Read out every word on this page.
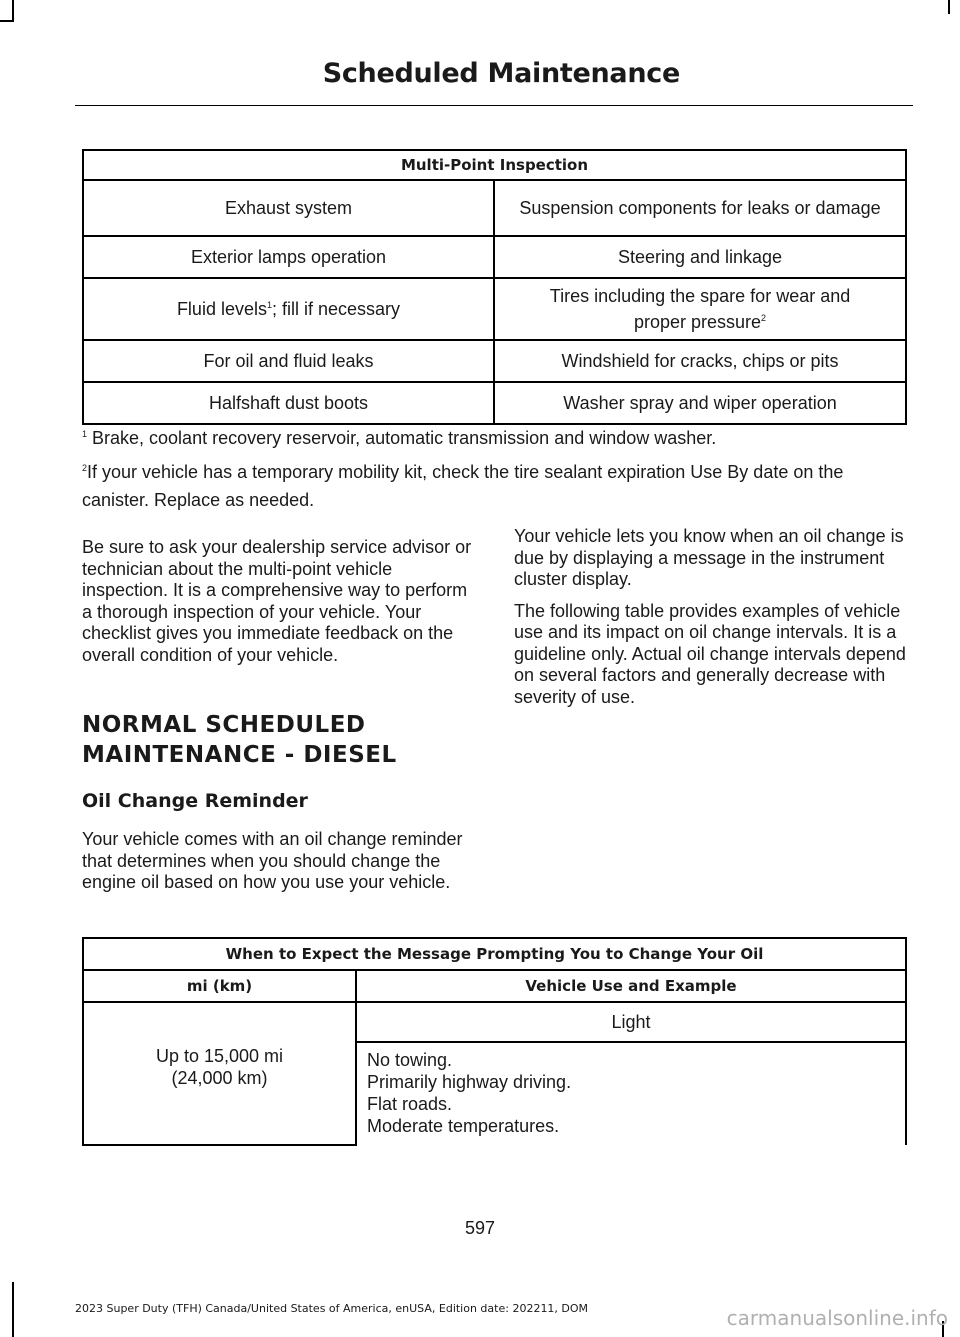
Scheduled Maintenance
Multi-Point Inspection	
Exhaust system	Suspension components for leaks or damage
Exterior lamps operation	Steering and linkage
Fluid levels$^1$; fill if necessary	Tires including the spare for wear and
proper pressure$^2$
For oil and fluid leaks	Windshield for cracks, chips or pits
Halfshaft dust boots	Washer spray and wiper operation
$^1$ Brake, coolant recovery reservoir, automatic transmission and window washer.
$^2$If your vehicle has a temporary mobility kit, check the tire sealant expiration Use By date on the canister. Replace as needed.

Be sure to ask your dealership service advisor or technician about the multi-point vehicle inspection. It is a comprehensive way to perform a thorough inspection of your vehicle. Your checklist gives you immediate feedback on the overall condition of your vehicle.

NORMAL SCHEDULED
MAINTENANCE - DIESEL
Oil Change Reminder

Your vehicle comes with an oil change reminder that determines when you should change the engine oil based on how you use your vehicle.

Your vehicle lets you know when an oil change is due by displaying a message in the instrument cluster display.

The following table provides examples of vehicle use and its impact on oil change intervals. It is a guideline only. Actual oil change intervals depend on several factors and generally decrease with severity of use.

When to Expect the Message Prompting You to Change Your Oil	
mi (km)	Vehicle Use and Example

Up to 15,000 mi
(24,000 km)	Light

	No towing.
Primarily highway driving.
Flat roads.
Moderate temperatures.
597
2023 Super Duty (TFH) Canada/United States of America, enUSA, Edition date: 202211, DOM	carmanualsonline.info
